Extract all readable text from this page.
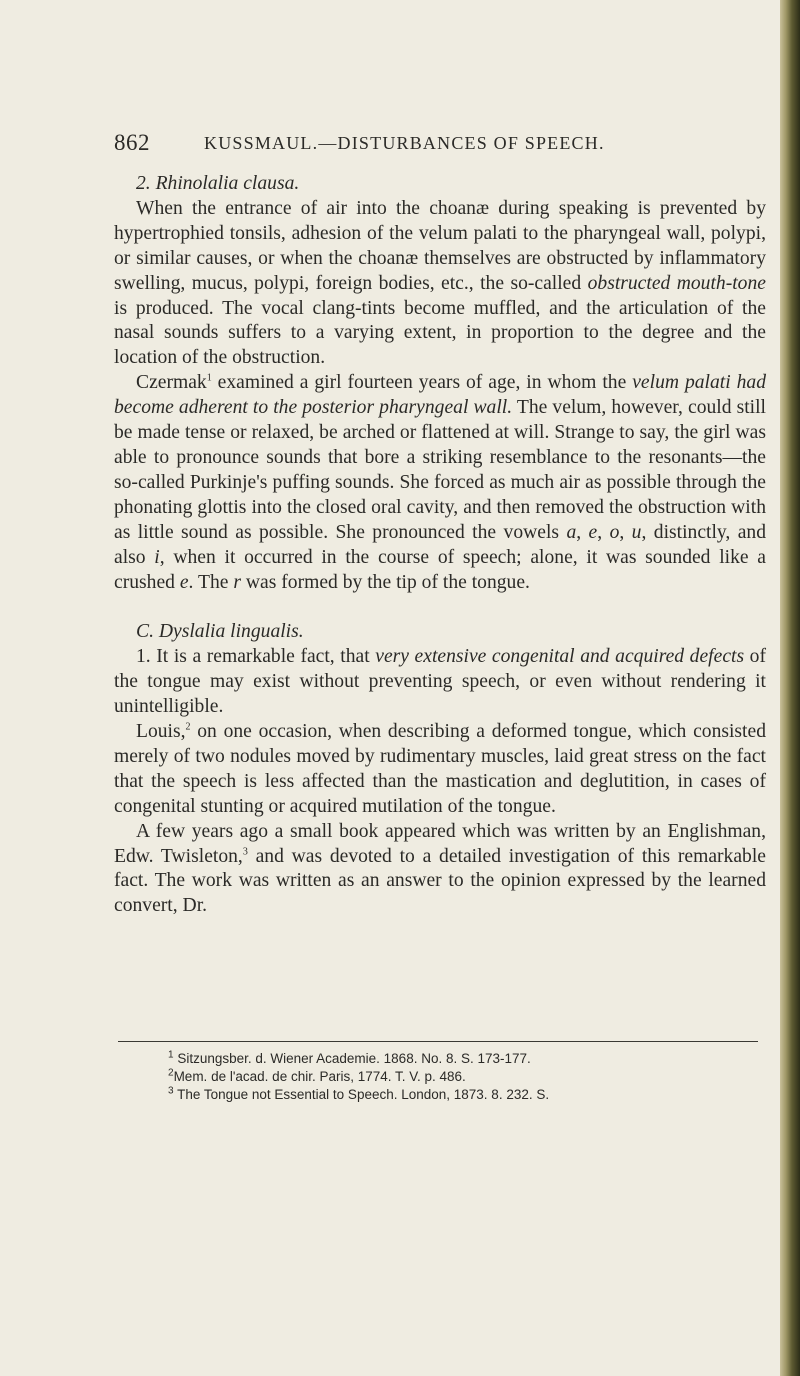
862	KUSSMAUL.—DISTURBANCES OF SPEECH.

2. Rhinolalia clausa.

When the entrance of air into the choanæ during speaking is prevented by hypertrophied tonsils, adhesion of the velum palati to the pharyngeal wall, polypi, or similar causes, or when the choanæ themselves are obstructed by inflammatory swelling, mucus, polypi, foreign bodies, etc., the so-called obstructed mouth-tone is produced. The vocal clang-tints become muffled, and the articulation of the nasal sounds suffers to a varying extent, in proportion to the degree and the location of the obstruction.

Czermak$^1$ examined a girl fourteen years of age, in whom the velum palati had become adherent to the posterior pharyngeal wall. The velum, however, could still be made tense or relaxed, be arched or flattened at will. Strange to say, the girl was able to pronounce sounds that bore a striking resemblance to the resonants—the so-called Purkinje's puffing sounds. She forced as much air as possible through the phonating glottis into the closed oral cavity, and then removed the obstruction with as little sound as possible. She pronounced the vowels a, e, o, u, distinctly, and also i, when it occurred in the course of speech; alone, it was sounded like a crushed e. The r was formed by the tip of the tongue.

C. Dyslalia lingualis.

1. It is a remarkable fact, that very extensive congenital and acquired defects of the tongue may exist without preventing speech, or even without rendering it unintelligible.

Louis,$^2$ on one occasion, when describing a deformed tongue, which consisted merely of two nodules moved by rudimentary muscles, laid great stress on the fact that the speech is less affected than the mastication and deglutition, in cases of congenital stunting or acquired mutilation of the tongue.

A few years ago a small book appeared which was written by an Englishman, Edw. Twisleton,$^3$ and was devoted to a detailed investigation of this remarkable fact. The work was written as an answer to the opinion expressed by the learned convert, Dr.

$^1$ Sitzungsber. d. Wiener Academie. 1868. No. 8. S. 173-177.
$^2$Mem. de l'acad. de chir. Paris, 1774. T. V. p. 486.
$^3$ The Tongue not Essential to Speech. London, 1873. 8. 232. S.
